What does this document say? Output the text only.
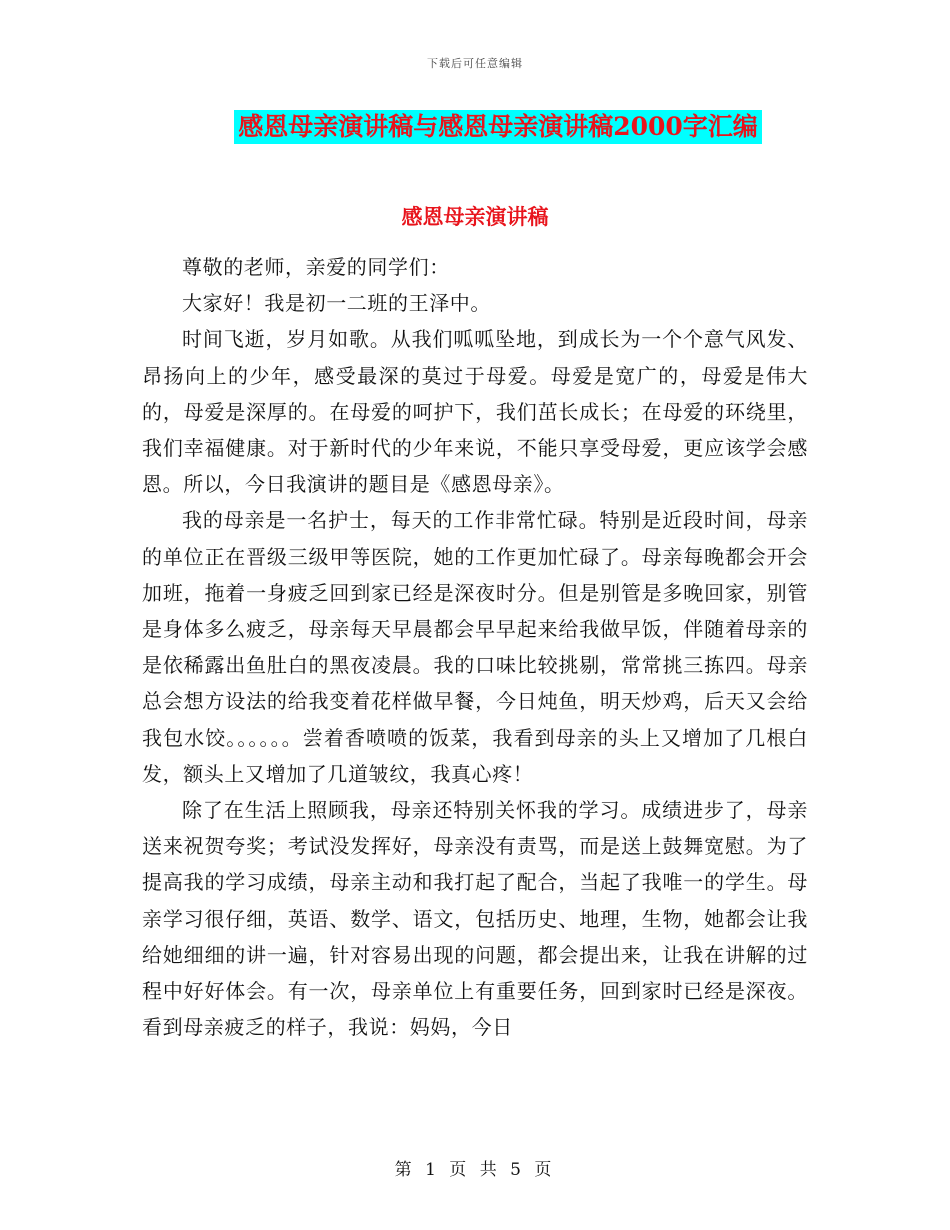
下载后可任意编辑
感恩母亲演讲稿与感恩母亲演讲稿2000字汇编
感恩母亲演讲稿

尊敬的老师，亲爱的同学们：

大家好！我是初一二班的王泽中。

时间飞逝，岁月如歌。从我们呱呱坠地，到成长为一个个意气风发、昂扬向上的少年，感受最深的莫过于母爱。母爱是宽广的，母爱是伟大的，母爱是深厚的。在母爱的呵护下，我们茁长成长；在母爱的环绕里，我们幸福健康。对于新时代的少年来说，不能只享受母爱，更应该学会感恩。所以，今日我演讲的题目是《感恩母亲》。

我的母亲是一名护士，每天的工作非常忙碌。特别是近段时间，母亲的单位正在晋级三级甲等医院，她的工作更加忙碌了。母亲每晚都会开会加班，拖着一身疲乏回到家已经是深夜时分。但是别管是多晚回家，别管是身体多么疲乏，母亲每天早晨都会早早起来给我做早饭，伴随着母亲的是依稀露出鱼肚白的黑夜凌晨。我的口味比较挑剔，常常挑三拣四。母亲总会想方设法的给我变着花样做早餐，今日炖鱼，明天炒鸡，后天又会给我包水饺。。。。。。尝着香喷喷的饭菜，我看到母亲的头上又增加了几根白发，额头上又增加了几道皱纹，我真心疼！

除了在生活上照顾我，母亲还特别关怀我的学习。成绩进步了，母亲送来祝贺夸奖；考试没发挥好，母亲没有责骂，而是送上鼓舞宽慰。为了提高我的学习成绩，母亲主动和我打起了配合，当起了我唯一的学生。母亲学习很仔细，英语、数学、语文，包括历史、地理，生物，她都会让我给她细细的讲一遍，针对容易出现的问题，都会提出来，让我在讲解的过程中好好体会。有一次，母亲单位上有重要任务，回到家时已经是深夜。看到母亲疲乏的样子，我说：妈妈，今日

第 1 页 共 5 页
